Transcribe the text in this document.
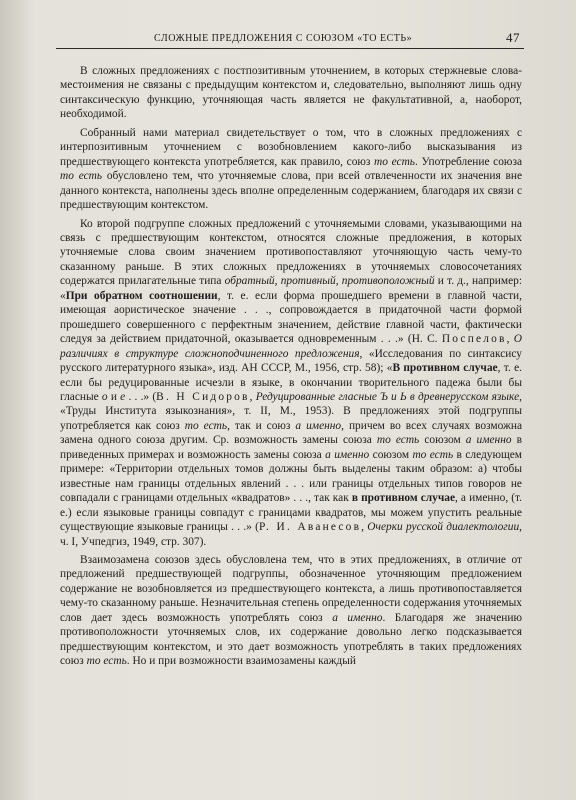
СЛОЖНЫЕ ПРЕДЛОЖЕНИЯ С СОЮЗОМ «ТО ЕСТЬ»	47

В сложных предложениях с постпозитивным уточнением, в которых стержневые слова-местоимения не связаны с предыдущим контекстом и, следовательно, выполняют лишь одну синтаксическую функцию, уточняющая часть является не факультативной, а, наоборот, необходимой.

Собранный нами материал свидетельствует о том, что в сложных предложениях с интерпозитивным уточнением с возобновлением какого-либо высказывания из предшествующего контекста употребляется, как правило, союз то есть. Употребление союза то есть обусловлено тем, что уточняемые слова, при всей отвлеченности их значения вне данного контекста, наполнены здесь вполне определенным содержанием, благодаря их связи с предшествующим контекстом.

Ко второй подгруппе сложных предложений с уточняемыми словами, указывающими на связь с предшествующим контекстом, относятся сложные предложения, в которых уточняемые слова своим значением противопоставляют уточняющую часть чему-то сказанному раньше. В этих сложных предложениях в уточняемых словосочетаниях содержатся прилагательные типа обратный, противный, противоположный и т. д., например: «При обратном соотношении, т. е. если форма прошедшего времени в главной части, имеющая аористическое значение . . ., сопровождается в придаточной части формой прошедшего совершенного с перфектным значением, действие главной части, фактически следуя за действием придаточной, оказывается одновременным . . .» (Н. С. Поспелов, О различиях в структуре сложноподчиненного предложения, «Исследования по синтаксису русского литературного языка», изд. АН СССР, М., 1956, стр. 58); «В противном случае, т. е. если бы редуцированные исчезли в языке, в окончании творительного падежа были бы гласные о и е . . .» (В. Н Сидоров, Редуцированные гласные Ъ и Ь в древнерусском языке, «Труды Института языкознания», т. II, М., 1953). В предложениях этой подгруппы употребляется как союз то есть, так и союз а именно, причем во всех случаях возможна замена одного союза другим. Ср. возможность замены союза то есть союзом а именно в приведенных примерах и возможность замены союза а именно союзом то есть в следующем примере: «Территории отдельных томов должны быть выделены таким образом: а) чтобы известные нам границы отдельных явлений . . . или границы отдельных типов говоров не совпадали с границами отдельных «квадратов» . . ., так как в противном случае, а именно, (т. е.) если языковые границы совпадут с границами квадратов, мы можем упустить реальные существующие языковые границы . . .» (Р. И. Аванесов, Очерки русской диалектологии, ч. I, Учпедгиз, 1949, стр. 307).

Взаимозамена союзов здесь обусловлена тем, что в этих предложениях, в отличие от предложений предшествующей подгруппы, обозначенное уточняющим предложением содержание не возобновляется из предшествующего контекста, а лишь противопоставляется чему-то сказанному раньше. Незначительная степень определенности содержания уточняемых слов дает здесь возможность употреблять союз а именно. Благодаря же значению противоположности уточняемых слов, их содержание довольно легко подсказывается предшествующим контекстом, и это дает возможность употреблять в таких предложениях союз то есть. Но и при возможности взаимозамены каждый
